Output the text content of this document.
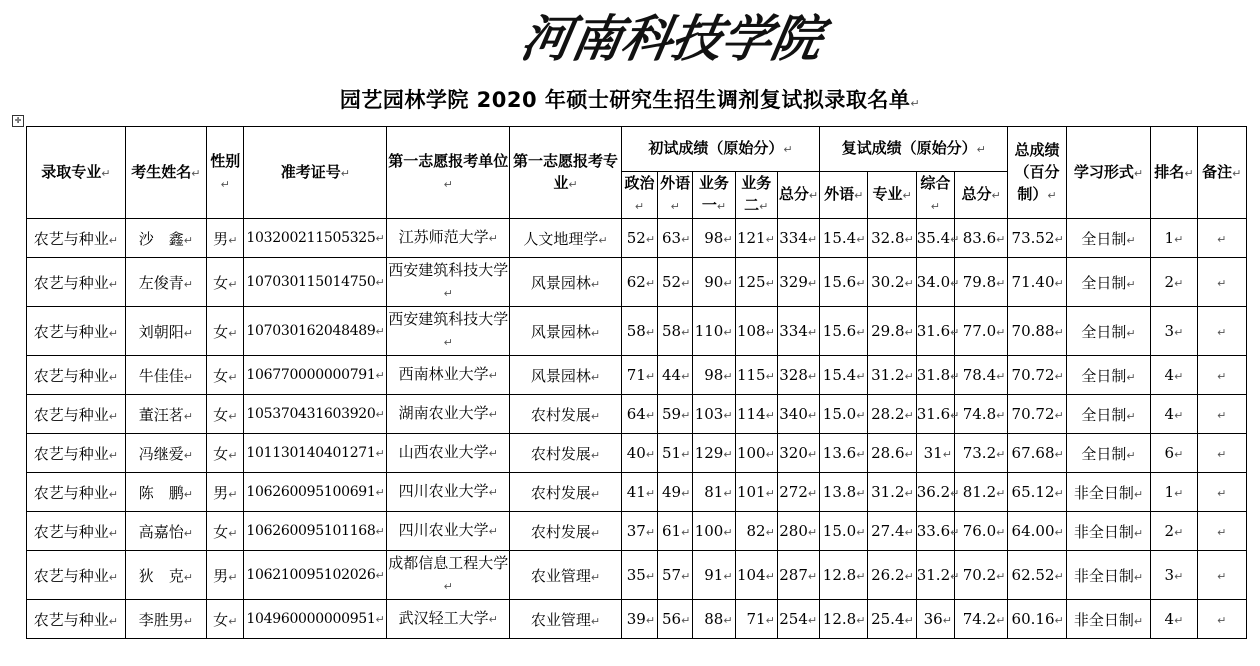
河南科技学院
园艺园林学院 2020 年硕士研究生招生调剂复试拟录取名单↵
✛
录取专业↵	考生姓名↵	性别↵	准考证号↵	第一志愿报考单位↵	第一志愿报考专业↵	初试成绩（原始分）↵					复试成绩（原始分）↵				总成绩（百分制）↵	学习形式↵	排名↵	备注↵
						政治↵	外语↵	业务一↵	业务二↵	总分↵	外语↵	专业↵	综合↵	总分↵				
农艺与种业↵	沙　鑫↵	男↵	103200211505325↵	江苏师范大学↵	人文地理学↵	52↵	63↵	98↵	121↵	334↵	15.4↵	32.8↵	35.4↵	83.6↵	73.52↵	全日制↵	1↵	↵
农艺与种业↵	左俊青↵	女↵	107030115014750↵	西安建筑科技大学↵	风景园林↵	62↵	52↵	90↵	125↵	329↵	15.6↵	30.2↵	34.0↵	79.8↵	71.40↵	全日制↵	2↵	↵
农艺与种业↵	刘朝阳↵	女↵	107030162048489↵	西安建筑科技大学↵	风景园林↵	58↵	58↵	110↵	108↵	334↵	15.6↵	29.8↵	31.6↵	77.0↵	70.88↵	全日制↵	3↵	↵
农艺与种业↵	牛佳佳↵	女↵	106770000000791↵	西南林业大学↵	风景园林↵	71↵	44↵	98↵	115↵	328↵	15.4↵	31.2↵	31.8↵	78.4↵	70.72↵	全日制↵	4↵	↵
农艺与种业↵	董汪茗↵	女↵	105370431603920↵	湖南农业大学↵	农村发展↵	64↵	59↵	103↵	114↵	340↵	15.0↵	28.2↵	31.6↵	74.8↵	70.72↵	全日制↵	4↵	↵
农艺与种业↵	冯继爱↵	女↵	101130140401271↵	山西农业大学↵	农村发展↵	40↵	51↵	129↵	100↵	320↵	13.6↵	28.6↵	31↵	73.2↵	67.68↵	全日制↵	6↵	↵
农艺与种业↵	陈　鹏↵	男↵	106260095100691↵	四川农业大学↵	农村发展↵	41↵	49↵	81↵	101↵	272↵	13.8↵	31.2↵	36.2↵	81.2↵	65.12↵	非全日制↵	1↵	↵
农艺与种业↵	高嘉怡↵	女↵	106260095101168↵	四川农业大学↵	农村发展↵	37↵	61↵	100↵	82↵	280↵	15.0↵	27.4↵	33.6↵	76.0↵	64.00↵	非全日制↵	2↵	↵
农艺与种业↵	狄　克↵	男↵	106210095102026↵	成都信息工程大学↵	农业管理↵	35↵	57↵	91↵	104↵	287↵	12.8↵	26.2↵	31.2↵	70.2↵	62.52↵	非全日制↵	3↵	↵
农艺与种业↵	李胜男↵	女↵	104960000000951↵	武汉轻工大学↵	农业管理↵	39↵	56↵	88↵	71↵	254↵	12.8↵	25.4↵	36↵	74.2↵	60.16↵	非全日制↵	4↵	↵
